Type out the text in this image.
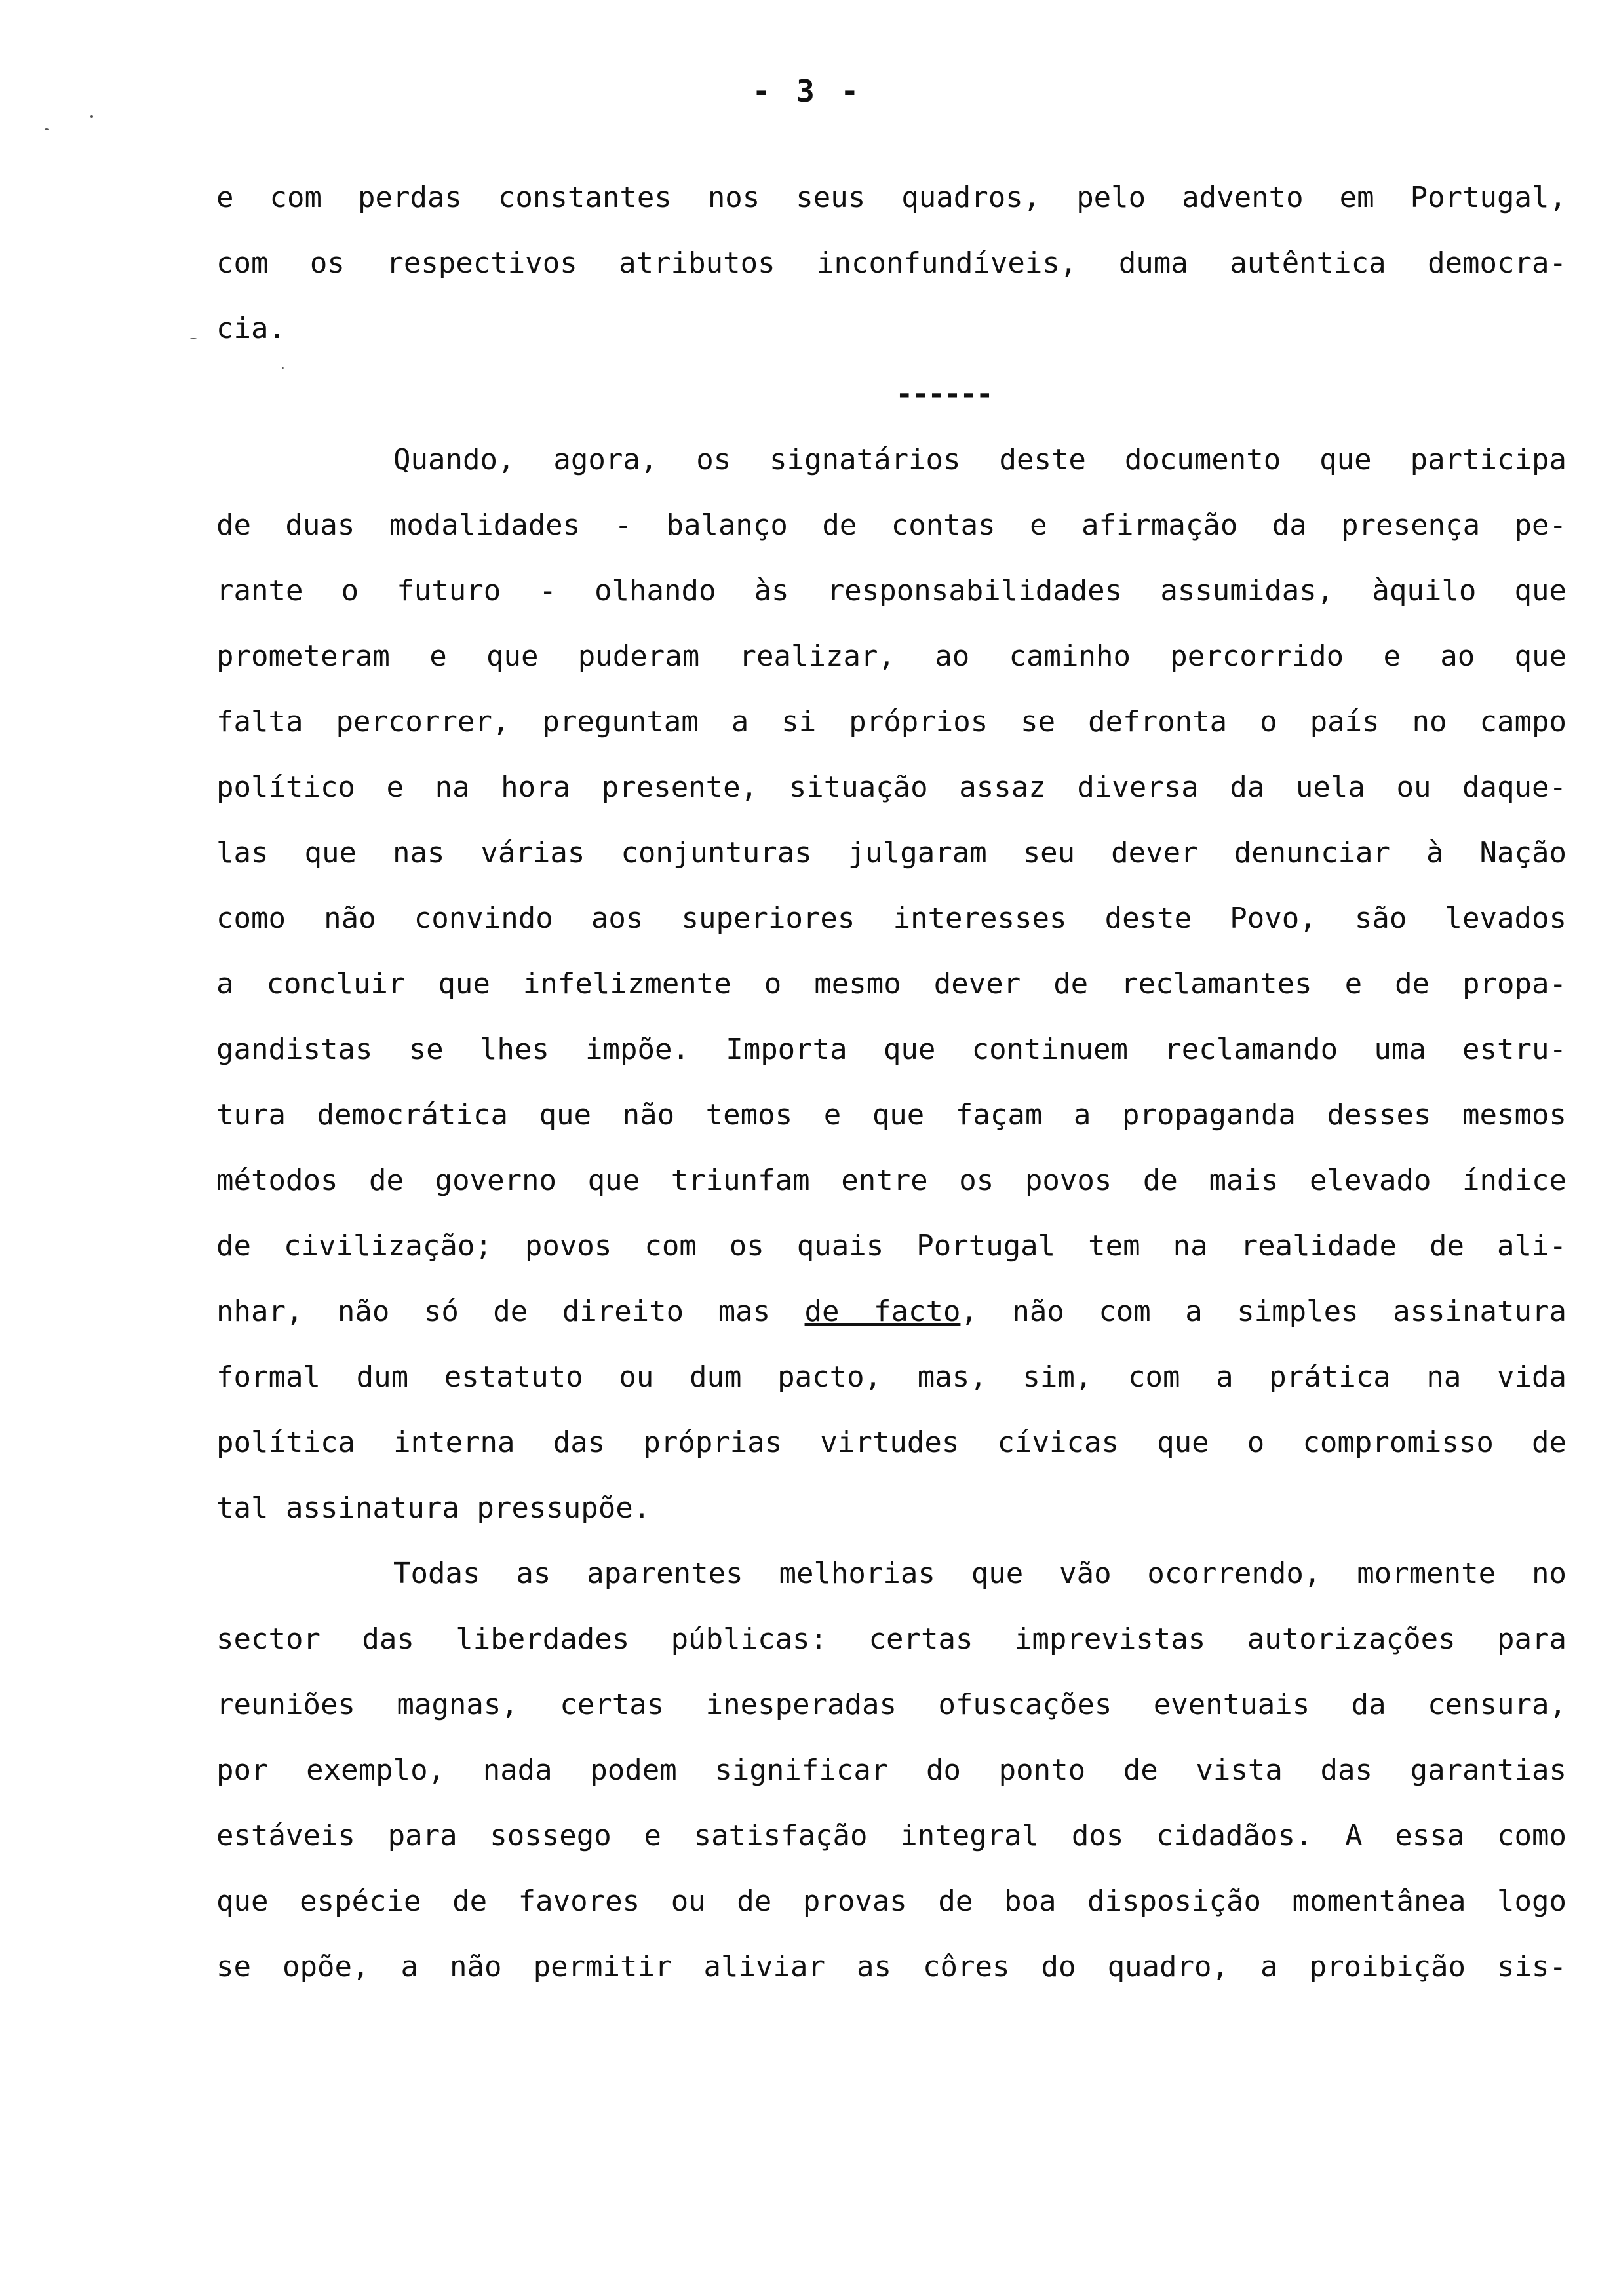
- 3 -
e com perdas constantes nos seus quadros, pelo advento em Portugal,
com os respectivos atributos inconfundíveis, duma autêntica democra-
cia.
------
Quando, agora, os signatários deste documento que participa
de duas modalidades - balanço de contas e afirmação da presença pe-
rante o futuro - olhando às responsabilidades assumidas, àquilo que
prometeram e que puderam realizar, ao caminho percorrido e ao que
falta percorrer, preguntam a si próprios se defronta o país no campo
político e na hora presente, situação assaz diversa da uela ou daque-
las que nas várias conjunturas julgaram seu dever denunciar à Nação
como não convindo aos superiores interesses deste Povo, são levados
a concluir que infelizmente o mesmo dever de reclamantes e de propa-
gandistas se lhes impõe. Importa que continuem reclamando uma estru-
tura democrática que não temos e que façam a propaganda desses mesmos
métodos de governo que triunfam entre os povos de mais elevado índice
de civilização; povos com os quais Portugal tem na realidade de ali-
nhar, não só de direito mas de facto, não com a simples assinatura
formal dum estatuto ou dum pacto, mas, sim, com a prática na vida
política interna das próprias virtudes cívicas que o compromisso de
tal assinatura pressupõe.
Todas as aparentes melhorias que vão ocorrendo, mormente no
sector das liberdades públicas: certas imprevistas autorizações para
reuniões magnas, certas inesperadas ofuscações eventuais da censura,
por exemplo, nada podem significar do ponto de vista das garantias
estáveis para sossego e satisfação integral dos cidadãos. A essa como
que espécie de favores ou de provas de boa disposição momentânea logo
se opõe, a não permitir aliviar as côres do quadro, a proibição sis-
